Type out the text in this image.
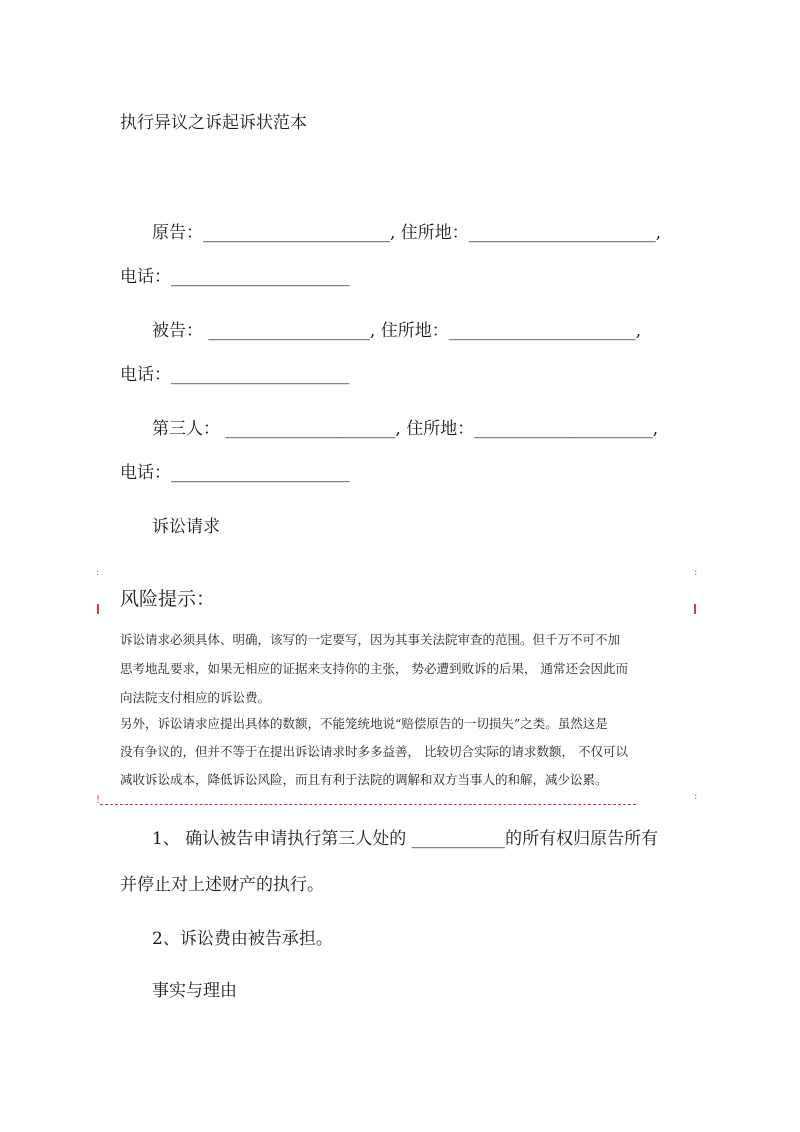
执行异议之诉起诉状范本
原告：______________________, 住所地：______________________,
电话：_____________________
被告： ___________________, 住所地：______________________,
电话：_____________________
第三人： ____________________, 住所地：_____________________,
电话：_____________________
诉讼请求
:	:
!	:
风险提示：
诉讼请求必须具体、明确，该写的一定要写，因为其事关法院审查的范围。但千万不可不加
思考地乱要求，如果无相应的证据来支持你的主张， 势必遭到败诉的后果， 通常还会因此而
向法院支付相应的诉讼费。
另外，诉讼请求应提出具体的数额，不能笼统地说“赔偿原告的一切损失”之类。虽然这是
没有争议的，但并不等于在提出诉讼请求时多多益善， 比较切合实际的请求数额， 不仅可以
减收诉讼成本，降低诉讼风险，而且有利于法院的调解和双方当事人的和解，减少讼累。
1、 确认被告申请执行第三人处的 ___________的所有权归原告所有
并停止对上述财产的执行。
2、诉讼费由被告承担。
事实与理由
